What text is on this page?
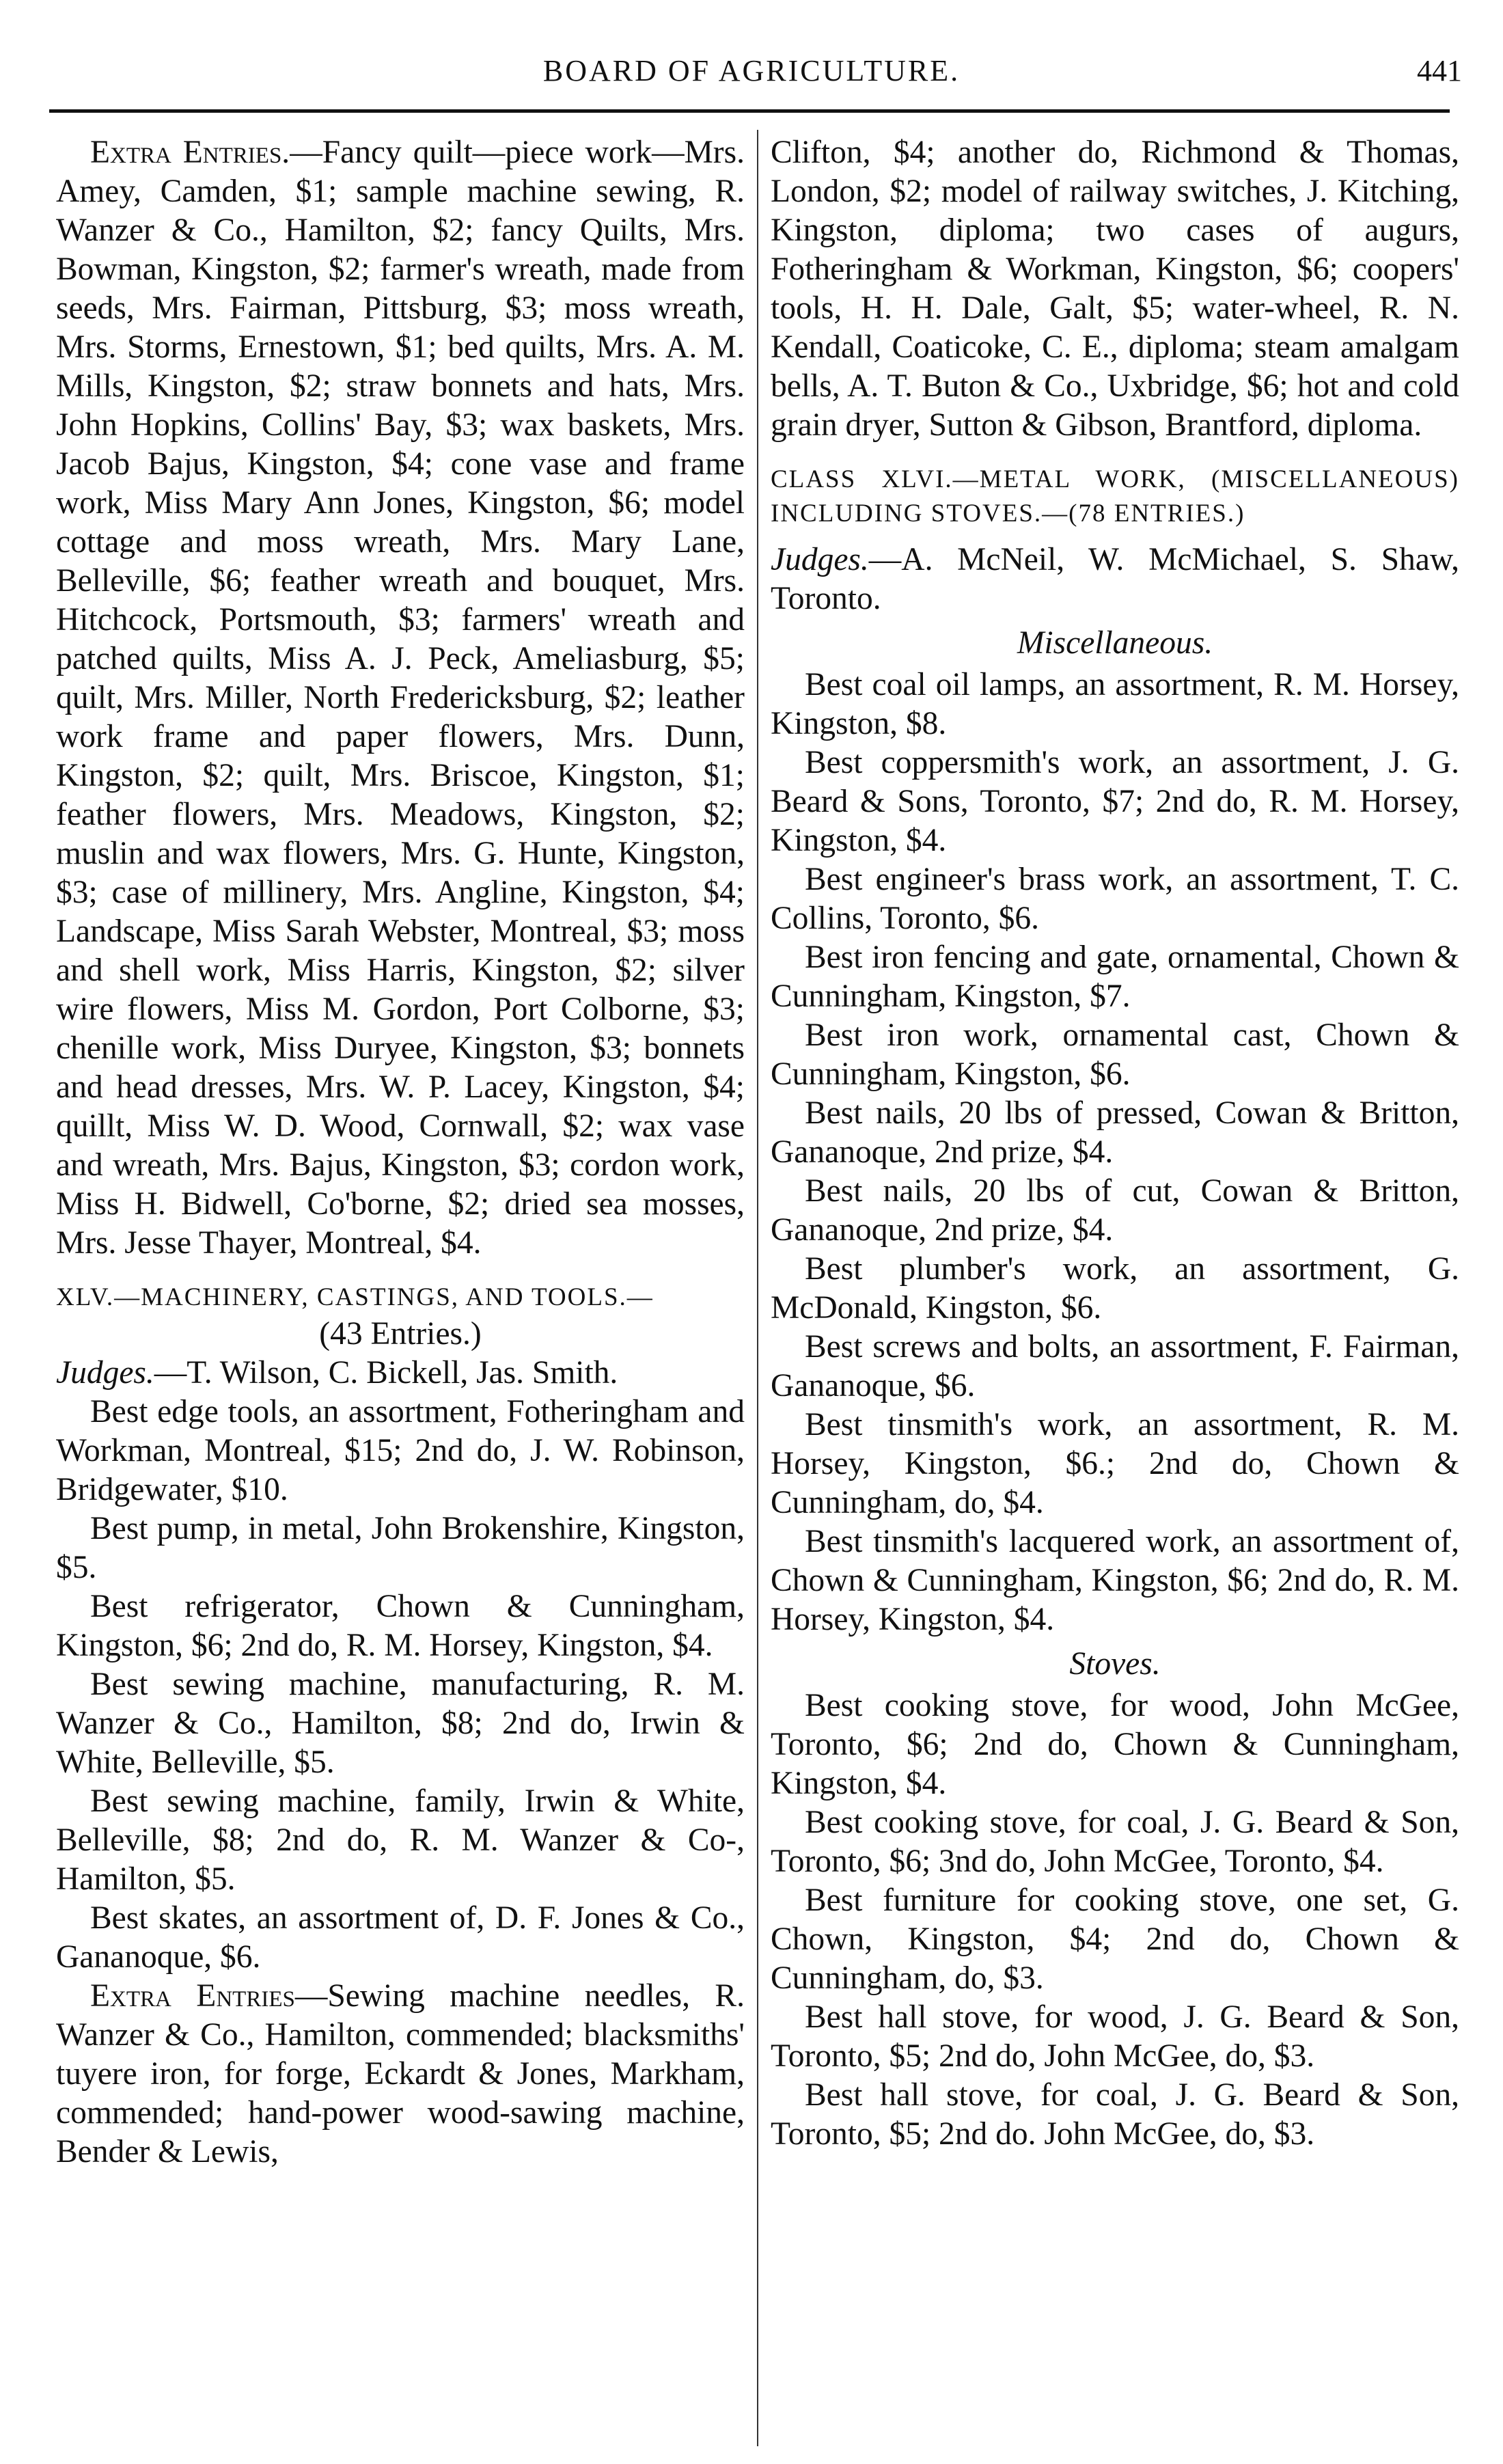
BOARD OF AGRICULTURE.	441

Extra Entries.—Fancy quilt—piece work—Mrs. Amey, Camden, $1; sample machine sewing, R. Wanzer & Co., Hamilton, $2; fancy Quilts, Mrs. Bowman, Kingston, $2; farmer's wreath, made from seeds, Mrs. Fairman, Pittsburg, $3; moss wreath, Mrs. Storms, Ernestown, $1; bed quilts, Mrs. A. M. Mills, Kingston, $2; straw bonnets and hats, Mrs. John Hopkins, Collins' Bay, $3; wax baskets, Mrs. Jacob Bajus, Kingston, $4; cone vase and frame work, Miss Mary Ann Jones, Kingston, $6; model cottage and moss wreath, Mrs. Mary Lane, Belleville, $6; feather wreath and bouquet, Mrs. Hitchcock, Portsmouth, $3; farmers' wreath and patched quilts, Miss A. J. Peck, Ameliasburg, $5; quilt, Mrs. Miller, North Fredericksburg, $2; leather work frame and paper flowers, Mrs. Dunn, Kingston, $2; quilt, Mrs. Briscoe, Kingston, $1; feather flowers, Mrs. Meadows, Kingston, $2; muslin and wax flowers, Mrs. G. Hunte, Kingston, $3; case of millinery, Mrs. Angline, Kingston, $4; Landscape, Miss Sarah Webster, Montreal, $3; moss and shell work, Miss Harris, Kingston, $2; silver wire flowers, Miss M. Gordon, Port Colborne, $3; chenille work, Miss Duryee, Kingston, $3; bonnets and head dresses, Mrs. W. P. Lacey, Kingston, $4; quillt, Miss W. D. Wood, Cornwall, $2; wax vase and wreath, Mrs. Bajus, Kingston, $3; cordon work, Miss H. Bidwell, Co'borne, $2; dried sea mosses, Mrs. Jesse Thayer, Montreal, $4.

XLV.—MACHINERY, CASTINGS, AND TOOLS.—

(43 Entries.)

Judges.—T. Wilson, C. Bickell, Jas. Smith.

Best edge tools, an assortment, Fotheringham and Workman, Montreal, $15; 2nd do, J. W. Robinson, Bridgewater, $10.

Best pump, in metal, John Brokenshire, Kingston, $5.

Best refrigerator, Chown & Cunningham, Kingston, $6; 2nd do, R. M. Horsey, Kingston, $4.

Best sewing machine, manufacturing, R. M. Wanzer & Co., Hamilton, $8; 2nd do, Irwin & White, Belleville, $5.

Best sewing machine, family, Irwin & White, Belleville, $8; 2nd do, R. M. Wanzer & Co-, Hamilton, $5.

Best skates, an assortment of, D. F. Jones & Co., Gananoque, $6.

Extra Entries—Sewing machine needles, R. Wanzer & Co., Hamilton, commended; blacksmiths' tuyere iron, for forge, Eckardt & Jones, Markham, commended; hand-power wood-sawing machine, Bender & Lewis,

Clifton, $4; another do, Richmond & Thomas, London, $2; model of railway switches, J. Kitching, Kingston, diploma; two cases of augurs, Fotheringham & Workman, Kingston, $6; coopers' tools, H. H. Dale, Galt, $5; water-wheel, R. N. Kendall, Coaticoke, C. E., diploma; steam amalgam bells, A. T. Buton & Co., Uxbridge, $6; hot and cold grain dryer, Sutton & Gibson, Brantford, diploma.

CLASS XLVI.—METAL WORK, (MISCELLANEOUS) INCLUDING STOVES.—(78 ENTRIES.)

Judges.—A. McNeil, W. McMichael, S. Shaw, Toronto.

Miscellaneous.

Best coal oil lamps, an assortment, R. M. Horsey, Kingston, $8.

Best coppersmith's work, an assortment, J. G. Beard & Sons, Toronto, $7; 2nd do, R. M. Horsey, Kingston, $4.

Best engineer's brass work, an assortment, T. C. Collins, Toronto, $6.

Best iron fencing and gate, ornamental, Chown & Cunningham, Kingston, $7.

Best iron work, ornamental cast, Chown & Cunningham, Kingston, $6.

Best nails, 20 lbs of pressed, Cowan & Britton, Gananoque, 2nd prize, $4.

Best nails, 20 lbs of cut, Cowan & Britton, Gananoque, 2nd prize, $4.

Best plumber's work, an assortment, G. McDonald, Kingston, $6.

Best screws and bolts, an assortment, F. Fairman, Gananoque, $6.

Best tinsmith's work, an assortment, R. M. Horsey, Kingston, $6.; 2nd do, Chown & Cunningham, do, $4.

Best tinsmith's lacquered work, an assortment of, Chown & Cunningham, Kingston, $6; 2nd do, R. M. Horsey, Kingston, $4.

Stoves.

Best cooking stove, for wood, John McGee, Toronto, $6; 2nd do, Chown & Cunningham, Kingston, $4.

Best cooking stove, for coal, J. G. Beard & Son, Toronto, $6; 3nd do, John McGee, Toronto, $4.

Best furniture for cooking stove, one set, G. Chown, Kingston, $4; 2nd do, Chown & Cunningham, do, $3.

Best hall stove, for wood, J. G. Beard & Son, Toronto, $5; 2nd do, John McGee, do, $3.

Best hall stove, for coal, J. G. Beard & Son, Toronto, $5; 2nd do. John McGee, do, $3.
